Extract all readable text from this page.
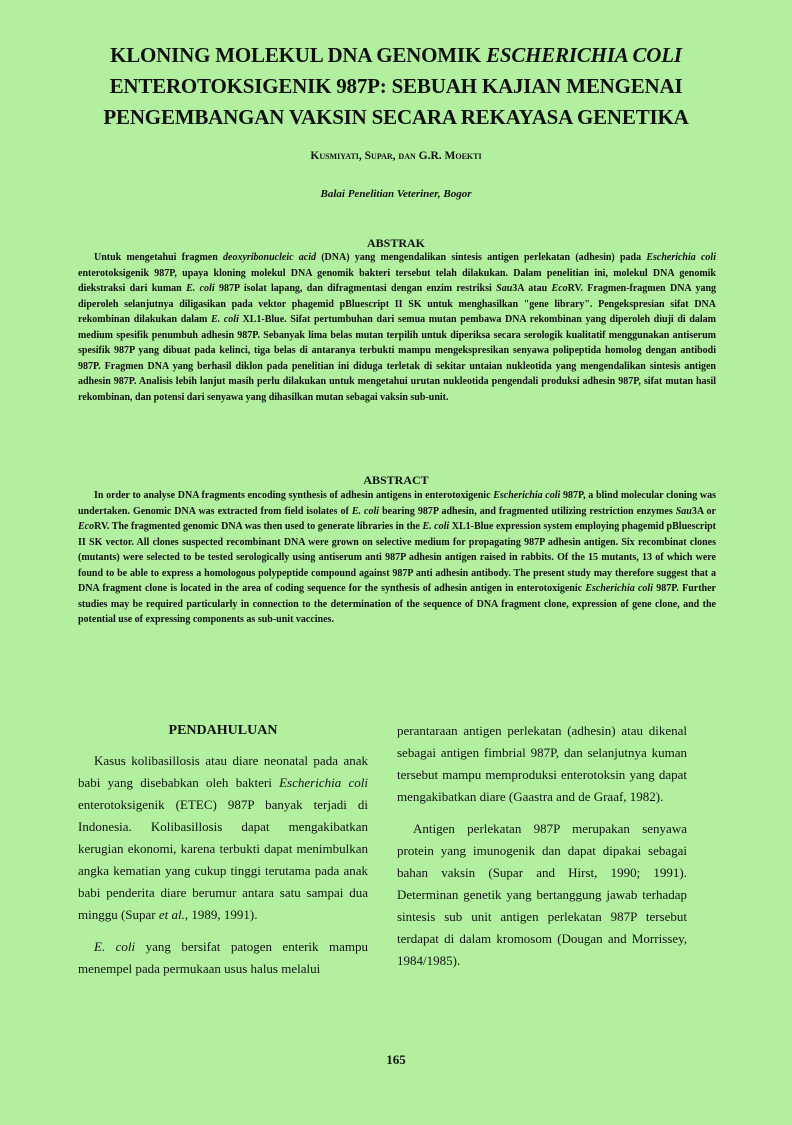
KLONING MOLEKUL DNA GENOMIK ESCHERICHIA COLI
ENTEROTOKSIGENIK 987P: SEBUAH KAJIAN MENGENAI
PENGEMBANGAN VAKSIN SECARA REKAYASA GENETIKA
Kusmiyati, Supar, dan G.R. Moekti
Balai Penelitian Veteriner, Bogor
ABSTRAK
Untuk mengetahui fragmen deoxyribonucleic acid (DNA) yang mengendalikan sintesis antigen perlekatan (adhesin) pada Escherichia coli enterotoksigenik 987P, upaya kloning molekul DNA genomik bakteri tersebut telah dilakukan. Dalam penelitian ini, molekul DNA genomik diekstraksi dari kuman E. coli 987P isolat lapang, dan difragmentasi dengan enzim restriksi Sau3A atau EcoRV. Fragmen-fragmen DNA yang diperoleh selanjutnya diligasikan pada vektor phagemid pBluescript II SK untuk menghasilkan "gene library". Pengekspresian sifat DNA rekombinan dilakukan dalam E. coli XL1-Blue. Sifat pertumbuhan dari semua mutan pembawa DNA rekombinan yang diperoleh diuji di dalam medium spesifik penumbuh adhesin 987P. Sebanyak lima belas mutan terpilih untuk diperiksa secara serologik kualitatif menggunakan antiserum spesifik 987P yang dibuat pada kelinci, tiga belas di antaranya terbukti mampu mengekspresikan senyawa polipeptida homolog dengan antibodi 987P. Fragmen DNA yang berhasil diklon pada penelitian ini diduga terletak di sekitar untaian nukleotida yang mengendalikan sintesis antigen adhesin 987P. Analisis lebih lanjut masih perlu dilakukan untuk mengetahui urutan nukleotida pengendali produksi adhesin 987P, sifat mutan hasil rekombinan, dan potensi dari senyawa yang dihasilkan mutan sebagai vaksin sub-unit.
ABSTRACT
In order to analyse DNA fragments encoding synthesis of adhesin antigens in enterotoxigenic Escherichia coli 987P, a blind molecular cloning was undertaken. Genomic DNA was extracted from field isolates of E. coli bearing 987P adhesin, and fragmented utilizing restriction enzymes Sau3A or EcoRV. The fragmented genomic DNA was then used to generate libraries in the E. coli XL1-Blue expression system employing phagemid pBluescript II SK vector. All clones suspected recombinant DNA were grown on selective medium for propagating 987P adhesin antigen. Six recombinat clones (mutants) were selected to be tested serologically using antiserum anti 987P adhesin antigen raised in rabbits. Of the 15 mutants, 13 of which were found to be able to express a homologous polypeptide compound against 987P anti adhesin antibody. The present study may therefore suggest that a DNA fragment clone is located in the area of coding sequence for the synthesis of adhesin antigen in enterotoxigenic Escherichia coli 987P. Further studies may be required particularly in connection to the determination of the sequence of DNA fragment clone, expression of gene clone, and the potential use of expressing components as sub-unit vaccines.
PENDAHULUAN

Kasus kolibasillosis atau diare neonatal pada anak babi yang disebabkan oleh bakteri Escherichia coli enterotoksigenik (ETEC) 987P banyak terjadi di Indonesia. Kolibasillosis dapat mengakibatkan kerugian ekonomi, karena terbukti dapat menimbulkan angka kematian yang cukup tinggi terutama pada anak babi penderita diare berumur antara satu sampai dua minggu (Supar et al., 1989, 1991).

E. coli yang bersifat patogen enterik mampu menempel pada permukaan usus halus melalui

perantaraan antigen perlekatan (adhesin) atau dikenal sebagai antigen fimbrial 987P, dan selanjutnya kuman tersebut mampu memproduksi enterotoksin yang dapat mengakibatkan diare (Gaastra and de Graaf, 1982).

Antigen perlekatan 987P merupakan senyawa protein yang imunogenik dan dapat dipakai sebagai bahan vaksin (Supar and Hirst, 1990; 1991). Determinan genetik yang bertanggung jawab terhadap sintesis sub unit antigen perlekatan 987P tersebut terdapat di dalam kromosom (Dougan and Morrissey, 1984/1985).

165
